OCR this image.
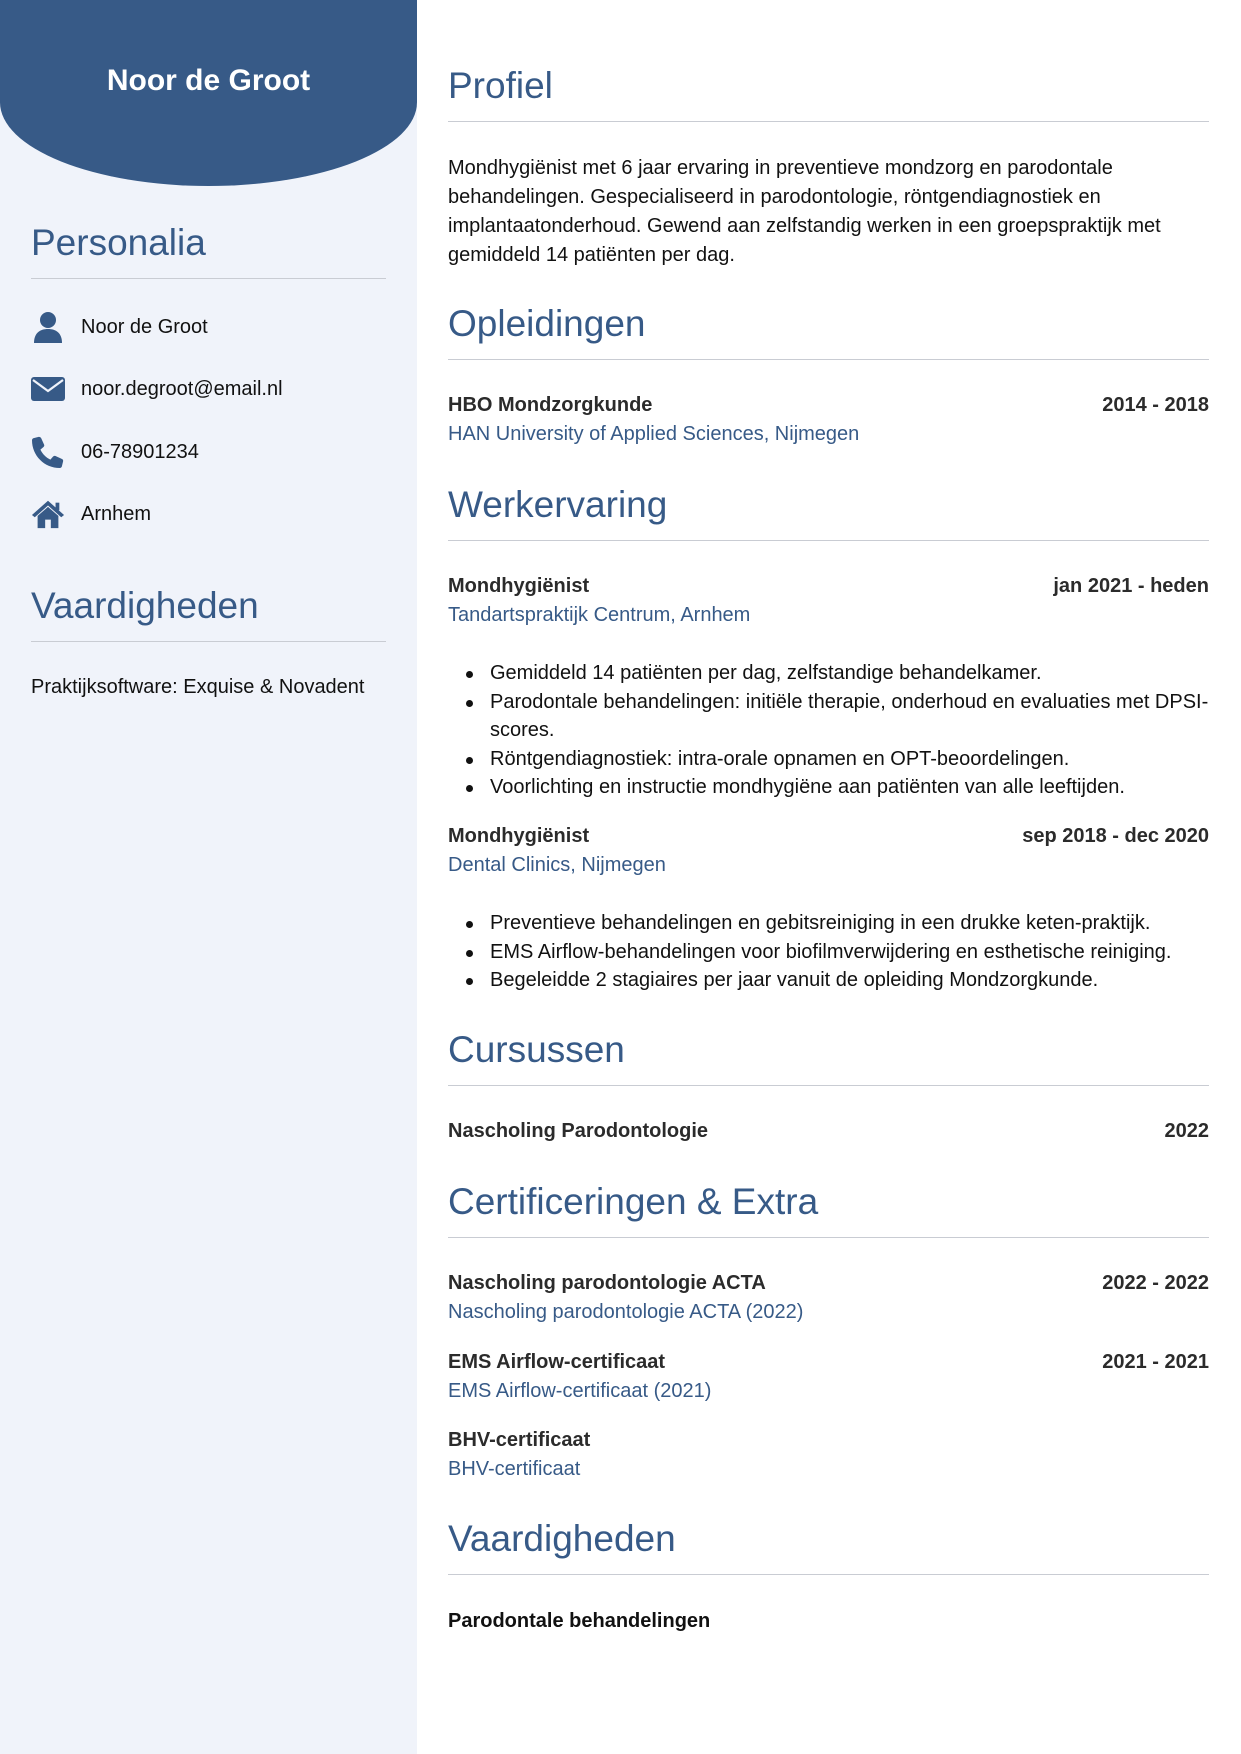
Noor de Groot
Personalia
Noor de Groot
noor.degroot@email.nl
06-78901234
Arnhem
Vaardigheden
Praktijksoftware: Exquise & Novadent
Profiel
Mondhygiënist met 6 jaar ervaring in preventieve mondzorg en parodontale behandelingen. Gespecialiseerd in parodontologie, röntgendiagnostiek en implantaatonderhoud. Gewend aan zelfstandig werken in een groepspraktijk met gemiddeld 14 patiënten per dag.
Opleidingen
HBO Mondzorgkunde	2014 - 2018
HAN University of Applied Sciences, Nijmegen
Werkervaring
Mondhygiënist	jan 2021 - heden
Tandartspraktijk Centrum, Arnhem
Gemiddeld 14 patiënten per dag, zelfstandige behandelkamer.
Parodontale behandelingen: initiële therapie, onderhoud en evaluaties met DPSI-scores.
Röntgendiagnostiek: intra-orale opnamen en OPT-beoordelingen.
Voorlichting en instructie mondhygiëne aan patiënten van alle leeftijden.
Mondhygiënist	sep 2018 - dec 2020
Dental Clinics, Nijmegen
Preventieve behandelingen en gebitsreiniging in een drukke keten-praktijk.
EMS Airflow-behandelingen voor biofilmverwijdering en esthetische reiniging.
Begeleidde 2 stagiaires per jaar vanuit de opleiding Mondzorgkunde.
Cursussen
Nascholing Parodontologie	2022
Certificeringen & Extra
Nascholing parodontologie ACTA	2022 - 2022
Nascholing parodontologie ACTA (2022)
EMS Airflow-certificaat	2021 - 2021
EMS Airflow-certificaat (2021)
BHV-certificaat
BHV-certificaat
Vaardigheden
Parodontale behandelingen
